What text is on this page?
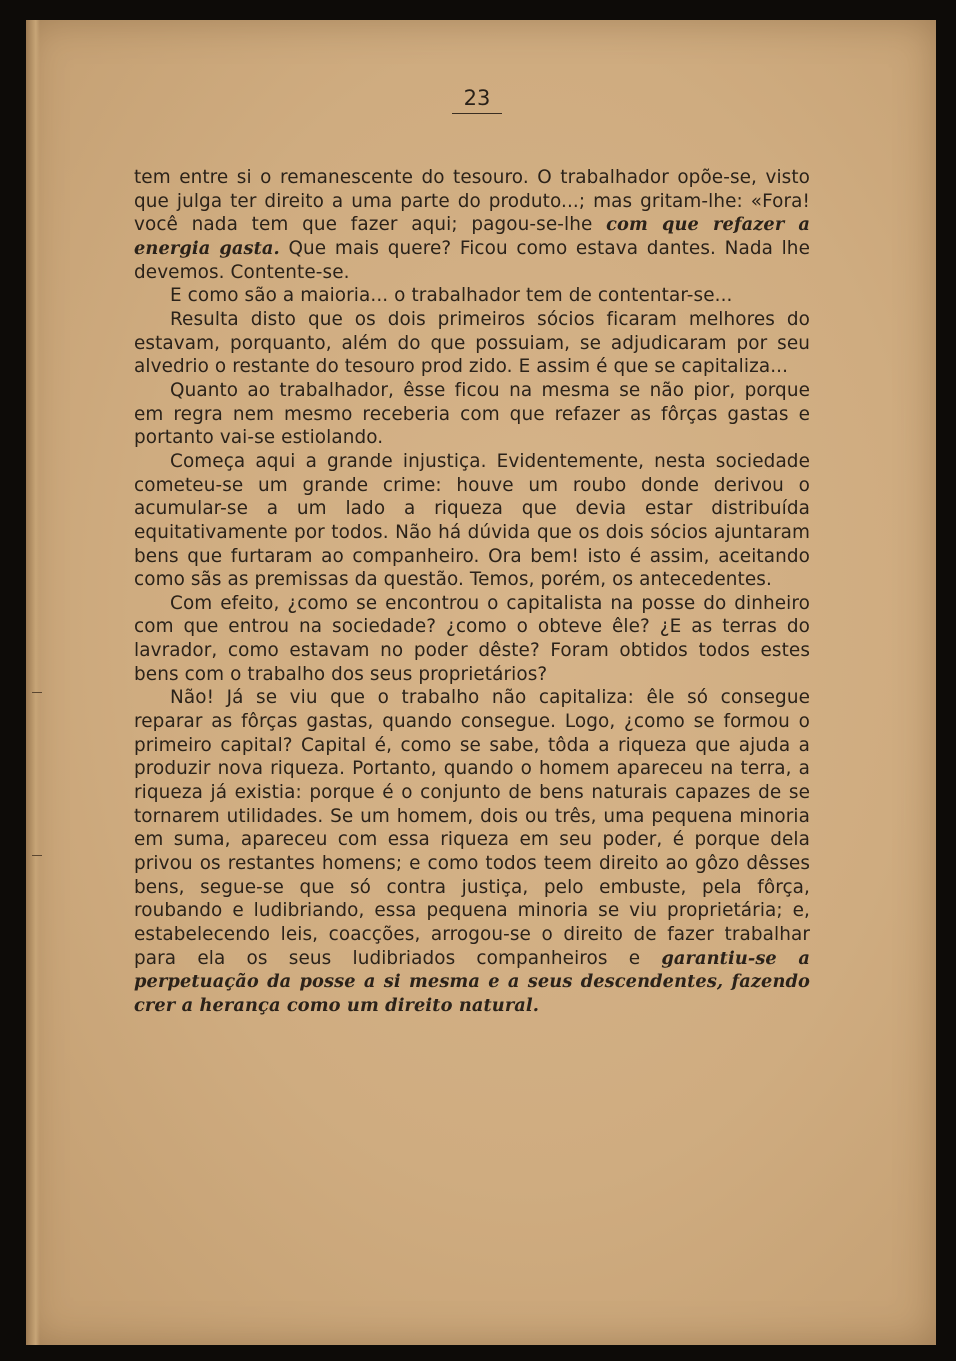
23

tem entre si o remanescente do tesouro. O trabalhador opõe-se, visto que julga ter direito a uma parte do produto...; mas gritam-lhe: «Fora! você nada tem que fazer aqui; pagou-se-lhe com que refazer a energia gasta. Que mais quere? Ficou como estava dantes. Nada lhe devemos. Contente-se.

E como são a maioria... o trabalhador tem de contentar-se...

Resulta disto que os dois primeiros sócios ficaram melhores do estavam, porquanto, além do que possuiam, se adjudicaram por seu alvedrio o restante do tesouro prod zido. E assim é que se capitaliza...

Quanto ao trabalhador, êsse ficou na mesma se não pior, porque em regra nem mesmo receberia com que refazer as fôrças gastas e portanto vai-se estiolando.

Começa aqui a grande injustiça. Evidentemente, nesta sociedade cometeu-se um grande crime: houve um roubo donde derivou o acumular-se a um lado a riqueza que devia estar distribuída equitativamente por todos. Não há dúvida que os dois sócios ajuntaram bens que furtaram ao companheiro. Ora bem! isto é assim, aceitando como sãs as premissas da questão. Temos, porém, os antecedentes.

Com efeito, ¿como se encontrou o capitalista na posse do dinheiro com que entrou na sociedade? ¿como o obteve êle? ¿E as terras do lavrador, como estavam no poder dêste? Foram obtidos todos estes bens com o trabalho dos seus proprietários?

Não! Já se viu que o trabalho não capitaliza: êle só consegue reparar as fôrças gastas, quando consegue. Logo, ¿como se formou o primeiro capital? Capital é, como se sabe, tôda a riqueza que ajuda a produzir nova riqueza. Portanto, quando o homem apareceu na terra, a riqueza já existia: porque é o conjunto de bens naturais capazes de se tornarem utilidades. Se um homem, dois ou três, uma pequena minoria em suma, apareceu com essa riqueza em seu poder, é porque dela privou os restantes homens; e como todos teem direito ao gôzo dêsses bens, segue-se que só contra justiça, pelo embuste, pela fôrça, roubando e ludibriando, essa pequena minoria se viu proprietária; e, estabelecendo leis, coacções, arrogou-se o direito de fazer trabalhar para ela os seus ludibriados companheiros e garantiu-se a perpetuação da posse a si mesma e a seus descendentes, fazendo crer a herança como um direito natural.
